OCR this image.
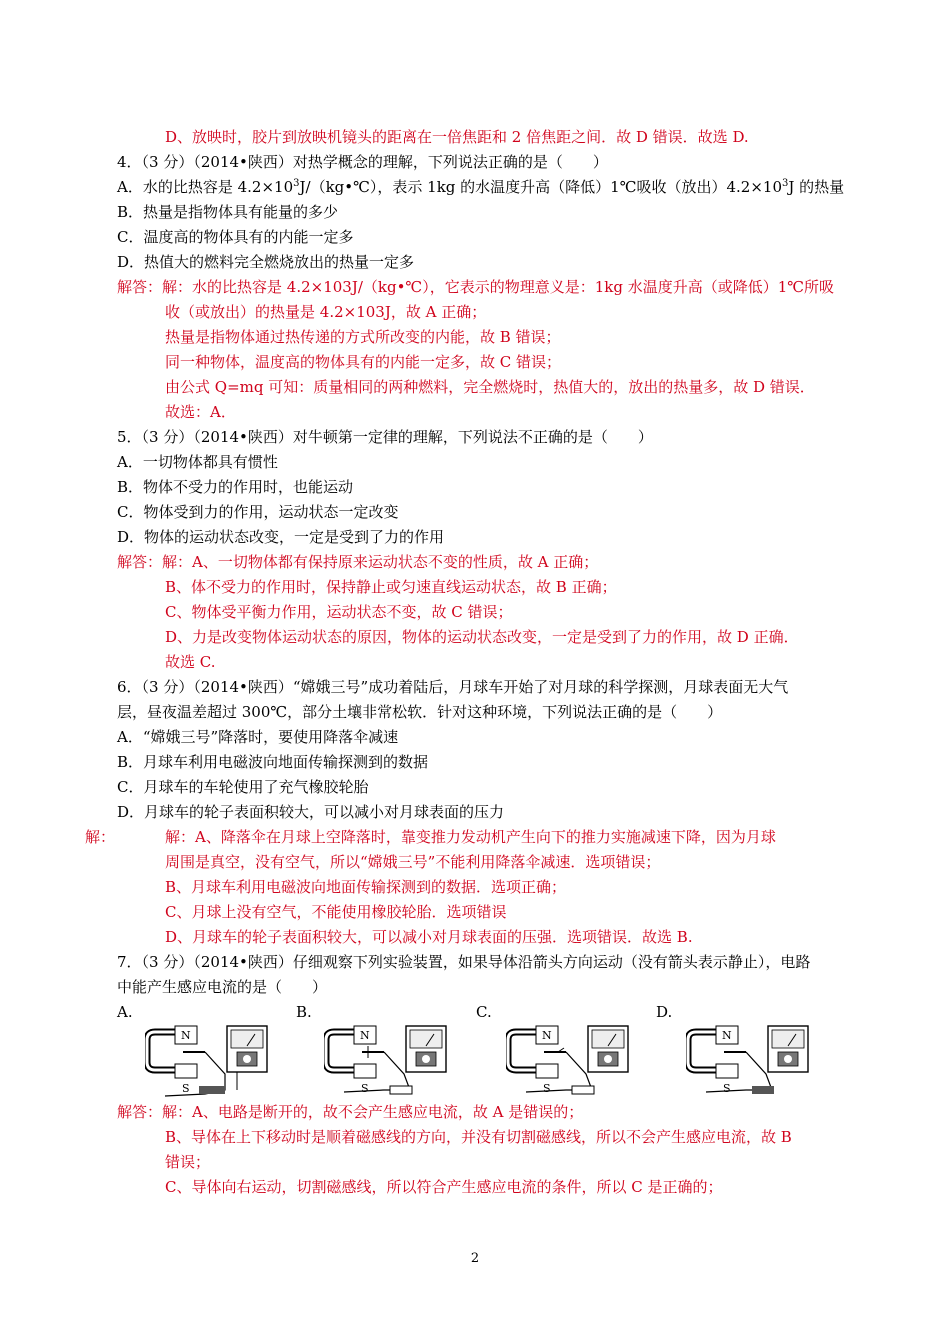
D、放映时，胶片到放映机镜头的距离在一倍焦距和 2 倍焦距之间．故 D 错误．故选 D.
4．（3 分）（2014•陕西）对热学概念的理解，下列说法正确的是（　　）
A．水的比热容是 $4.2\times 10^3J/(kg•℃)$，表示 1kg 的水温度升高（降低）1℃吸收（放出）$4.2\times 10^3J$ 的热量
B．热量是指物体具有能量的多少
C．温度高的物体具有的内能一定多
D．热值大的燃料完全燃烧放出的热量一定多
解答：解：水的比热容是 4.2×103J/（kg•℃），它表示的物理意义是：1kg 水温度升高（或降低）1℃所吸
收（或放出）的热量是 4.2×103J，故 A 正确；
热量是指物体通过热传递的方式所改变的内能，故 B 错误；
同一种物体，温度高的物体具有的内能一定多，故 C 错误；
由公式 Q=mq 可知：质量相同的两种燃料，完全燃烧时，热值大的，放出的热量多，故 D 错误．
故选：A．
5．（3 分）（2014•陕西）对牛顿第一定律的理解，下列说法不正确的是（　　）
A．一切物体都具有惯性
B．物体不受力的作用时，也能运动
C．物体受到力的作用，运动状态一定改变
D．物体的运动状态改变，一定是受到了力的作用
解答：解：A、一切物体都有保持原来运动状态不变的性质，故 A 正确；
B、体不受力的作用时，保持静止或匀速直线运动状态，故 B 正确；
C、物体受平衡力作用，运动状态不变，故 C 错误；
D、力是改变物体运动状态的原因，物体的运动状态改变，一定是受到了力的作用，故 D 正确．
故选 C.
6．（3 分）（2014•陕西）“嫦娥三号”成功着陆后，月球车开始了对月球的科学探测，月球表面无大气
层，昼夜温差超过 300℃，部分土壤非常松软．针对这种环境，下列说法正确的是（　　）
A．“嫦娥三号”降落时，要使用降落伞减速
B．月球车利用电磁波向地面传输探测到的数据
C．月球车的车轮使用了充气橡胶轮胎
D．月球车的轮子表面积较大，可以减小对月球表面的压力
解：	解：A、降落伞在月球上空降落时，靠变推力发动机产生向下的推力实施减速下降，因为月球
周围是真空，没有空气，所以“嫦娥三号”不能利用降落伞减速．选项错误；
B、月球车利用电磁波向地面传输探测到的数据．选项正确；
C、月球上没有空气，不能使用橡胶轮胎．选项错误
D、月球车的轮子表面积较大，可以减小对月球表面的压强．选项错误．故选 B.
7．（3 分）（2014•陕西）仔细观察下列实验装置，如果导体沿箭头方向运动（没有箭头表示静止），电路
中能产生感应电流的是（　　）
A.	B.	C.	D.
N
S
N
S
N
S
N
S
解答：解：A、电路是断开的，故不会产生感应电流，故 A 是错误的；
B、导体在上下移动时是顺着磁感线的方向，并没有切割磁感线，所以不会产生感应电流，故 B
错误；
C、导体向右运动，切割磁感线，所以符合产生感应电流的条件，所以 C 是正确的；
2
